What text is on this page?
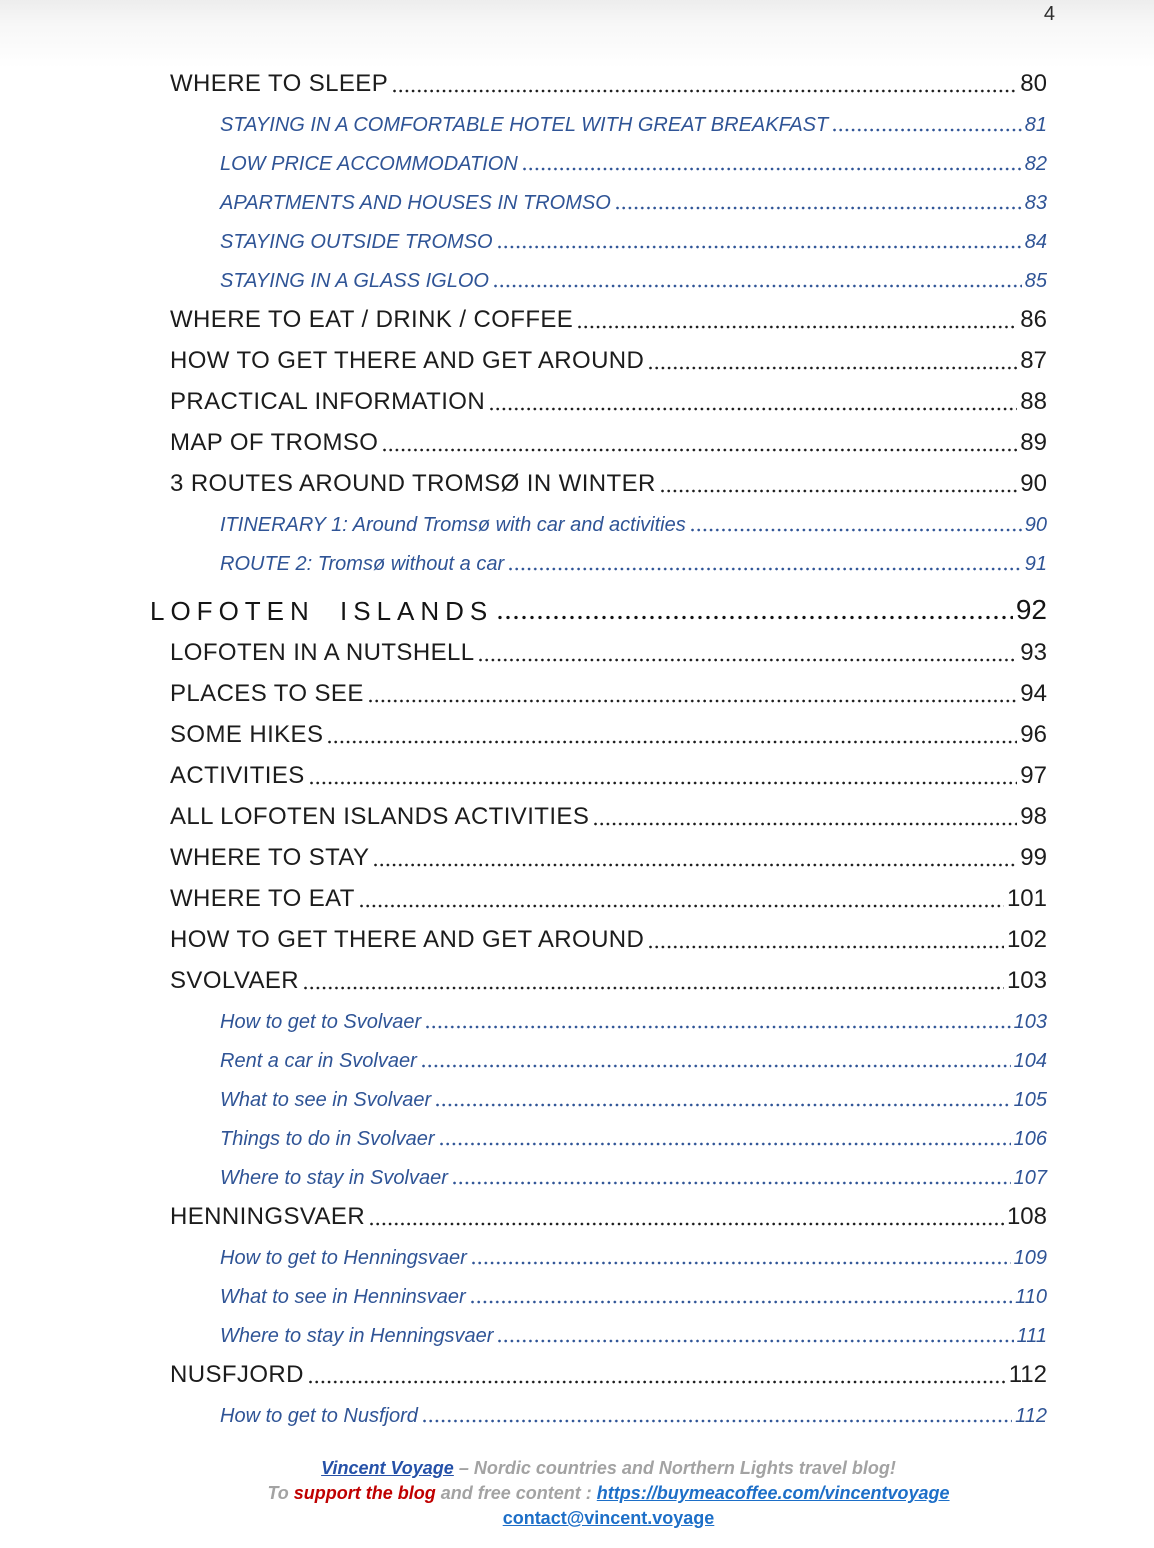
4
WHERE TO SLEEP	80
STAYING IN A COMFORTABLE HOTEL WITH GREAT BREAKFAST	81
LOW PRICE ACCOMMODATION	82
APARTMENTS AND HOUSES IN TROMSO	83
STAYING OUTSIDE TROMSO	84
STAYING IN A GLASS IGLOO	85
WHERE TO EAT / DRINK / COFFEE	86
HOW TO GET THERE AND GET AROUND	87
PRACTICAL INFORMATION	88
MAP OF TROMSO	89
3 ROUTES AROUND TROMSØ IN WINTER	90
ITINERARY 1: Around Tromsø with car and activities	90
ROUTE 2: Tromsø without a car	91
LOFOTEN ISLANDS	92
LOFOTEN IN A NUTSHELL	93
PLACES TO SEE	94
SOME HIKES	96
ACTIVITIES	97
ALL LOFOTEN ISLANDS ACTIVITIES	98
WHERE TO STAY	99
WHERE TO EAT	101
HOW TO GET THERE AND GET AROUND	102
SVOLVAER	103
How to get to Svolvaer	103
Rent a car in Svolvaer	104
What to see in Svolvaer	105
Things to do in Svolvaer	106
Where to stay in Svolvaer	107
HENNINGSVAER	108
How to get to Henningsvaer	109
What to see in Henninsvaer	110
Where to stay in Henningsvaer	111
NUSFJORD	112
How to get to Nusfjord	112
Vincent Voyage – Nordic countries and Northern Lights travel blog!
To support the blog and free content : https://buymeacoffee.com/vincentvoyage
contact@vincent.voyage
